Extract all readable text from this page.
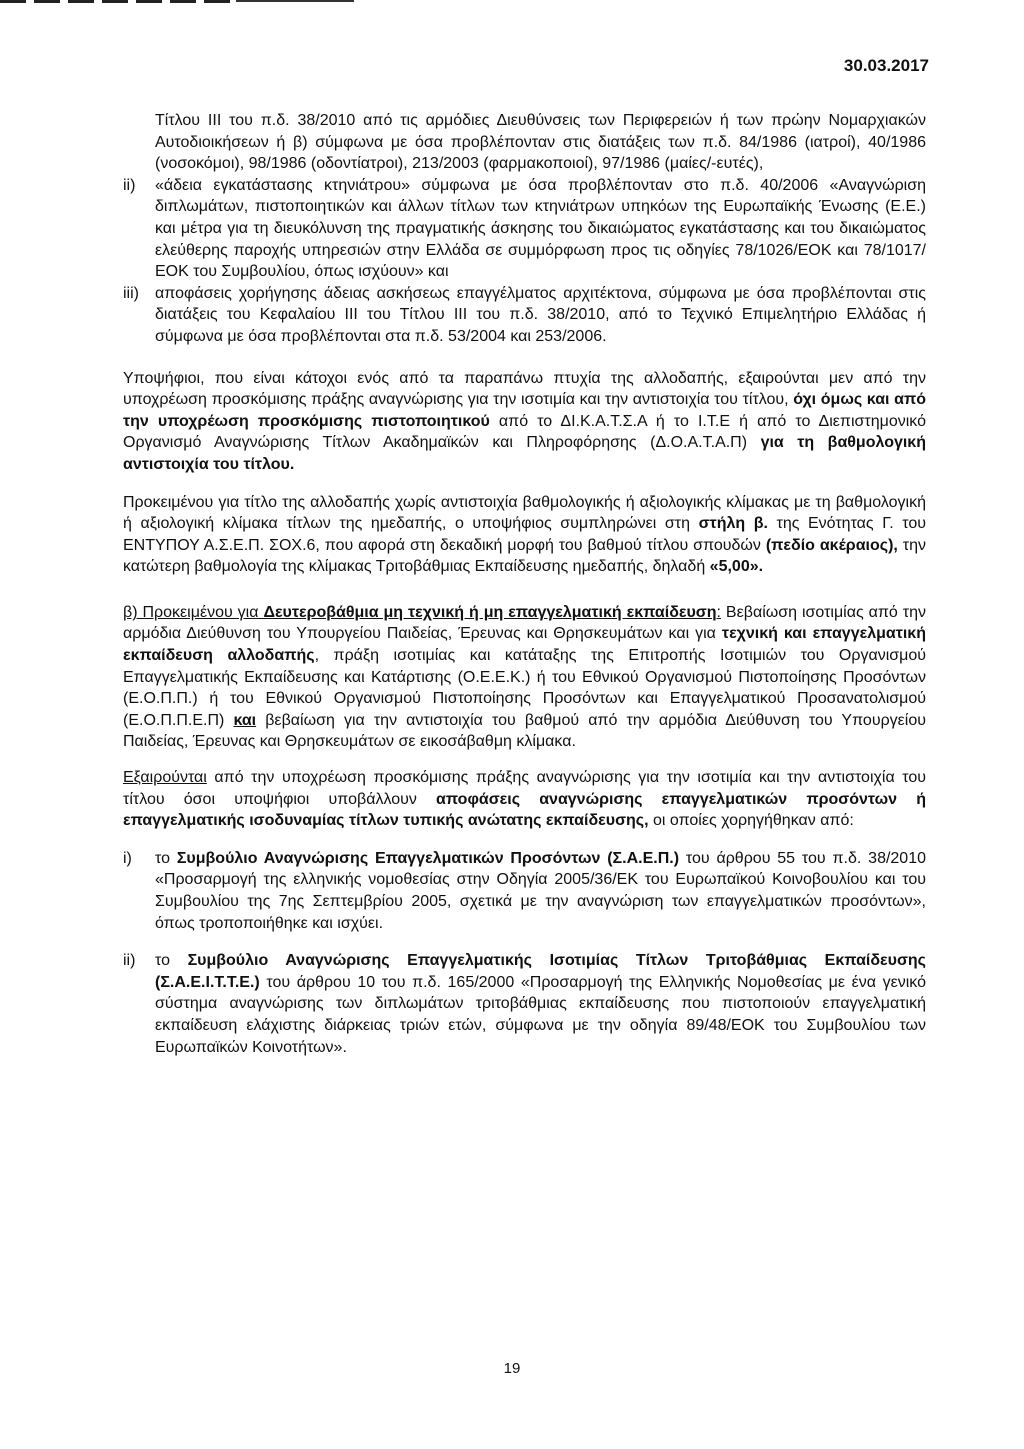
30.03.2017

Τίτλου III του π.δ. 38/2010 από τις αρμόδιες Διευθύνσεις των Περιφερειών ή των πρώην Νομαρχιακών Αυτοδιοικήσεων ή β) σύμφωνα με όσα προβλέπονταν στις διατάξεις των π.δ. 84/1986 (ιατροί), 40/1986 (νοσοκόμοι), 98/1986 (οδοντίατροι), 213/2003 (φαρμακοποιοί), 97/1986 (μαίες/-ευτές),

ii)	«άδεια εγκατάστασης κτηνιάτρου» σύμφωνα με όσα προβλέπονταν στο π.δ. 40/2006 «Αναγνώριση διπλωμάτων, πιστοποιητικών και άλλων τίτλων των κτηνιάτρων υπηκόων της Ευρωπαϊκής Ένωσης (Ε.Ε.) και μέτρα για τη διευκόλυνση της πραγματικής άσκησης του δικαιώματος εγκατάστασης και του δικαιώματος ελεύθερης παροχής υπηρεσιών στην Ελλάδα σε συμμόρφωση προς τις οδηγίες 78/1026/ΕΟΚ και 78/1017/ΕΟΚ του Συμβουλίου, όπως ισχύουν» και

iii)	αποφάσεις χορήγησης άδειας ασκήσεως επαγγέλματος αρχιτέκτονα, σύμφωνα με όσα προβλέπονται στις διατάξεις του Κεφαλαίου III του Τίτλου III του π.δ. 38/2010, από το Τεχνικό Επιμελητήριο Ελλάδας ή σύμφωνα με όσα προβλέπονται στα π.δ. 53/2004 και 253/2006.

Υποψήφιοι, που είναι κάτοχοι ενός από τα παραπάνω πτυχία της αλλοδαπής, εξαιρούνται μεν από την υποχρέωση προσκόμισης πράξης αναγνώρισης για την ισοτιμία και την αντιστοιχία του τίτλου, όχι όμως και από την υποχρέωση προσκόμισης πιστοποιητικού από το ΔΙ.Κ.Α.Τ.Σ.Α ή το Ι.Τ.Ε ή από το Διεπιστημονικό Οργανισμό Αναγνώρισης Τίτλων Ακαδημαϊκών και Πληροφόρησης (Δ.Ο.Α.Τ.Α.Π) για τη βαθμολογική αντιστοιχία του τίτλου.

Προκειμένου για τίτλο της αλλοδαπής χωρίς αντιστοιχία βαθμολογικής ή αξιολογικής κλίμακας με τη βαθμολογική ή αξιολογική κλίμακα τίτλων της ημεδαπής, ο υποψήφιος συμπληρώνει στη στήλη β. της Ενότητας Γ. του ΕΝΤΥΠΟΥ Α.Σ.Ε.Π. ΣΟΧ.6, που αφορά στη δεκαδική μορφή του βαθμού τίτλου σπουδών (πεδίο ακέραιος), την κατώτερη βαθμολογία της κλίμακας Τριτοβάθμιας Εκπαίδευσης ημεδαπής, δηλαδή «5,00».

β) Προκειμένου για Δευτεροβάθμια μη τεχνική ή μη επαγγελματική εκπαίδευση: Βεβαίωση ισοτιμίας από την αρμόδια Διεύθυνση του Υπουργείου Παιδείας, Έρευνας και Θρησκευμάτων και για τεχνική και επαγγελματική εκπαίδευση αλλοδαπής, πράξη ισοτιμίας και κατάταξης της Επιτροπής Ισοτιμιών του Οργανισμού Επαγγελματικής Εκπαίδευσης και Κατάρτισης (Ο.Ε.Ε.Κ.) ή του Εθνικού Οργανισμού Πιστοποίησης Προσόντων (Ε.Ο.Π.Π.) ή του Εθνικού Οργανισμού Πιστοποίησης Προσόντων και Επαγγελματικού Προσανατολισμού (Ε.Ο.Π.Π.Ε.Π) και βεβαίωση για την αντιστοιχία του βαθμού από την αρμόδια Διεύθυνση του Υπουργείου Παιδείας, Έρευνας και Θρησκευμάτων σε εικοσάβαθμη κλίμακα.

Εξαιρούνται από την υποχρέωση προσκόμισης πράξης αναγνώρισης για την ισοτιμία και την αντιστοιχία του τίτλου όσοι υποψήφιοι υποβάλλουν αποφάσεις αναγνώρισης επαγγελματικών προσόντων ή επαγγελματικής ισοδυναμίας τίτλων τυπικής ανώτατης εκπαίδευσης, οι οποίες χορηγήθηκαν από:

i)	το Συμβούλιο Αναγνώρισης Επαγγελματικών Προσόντων (Σ.Α.Ε.Π.) του άρθρου 55 του π.δ. 38/2010 «Προσαρμογή της ελληνικής νομοθεσίας στην Οδηγία 2005/36/ΕΚ του Ευρωπαϊκού Κοινοβουλίου και του Συμβουλίου της 7ης Σεπτεμβρίου 2005, σχετικά με την αναγνώριση των επαγγελματικών προσόντων», όπως τροποποιήθηκε και ισχύει.

ii)	το Συμβούλιο Αναγνώρισης Επαγγελματικής Ισοτιμίας Τίτλων Τριτοβάθμιας Εκπαίδευσης (Σ.Α.Ε.Ι.Τ.Τ.Ε.) του άρθρου 10 του π.δ. 165/2000 «Προσαρμογή της Ελληνικής Νομοθεσίας με ένα γενικό σύστημα αναγνώρισης των διπλωμάτων τριτοβάθμιας εκπαίδευσης που πιστοποιούν επαγγελματική εκπαίδευση ελάχιστης διάρκειας τριών ετών, σύμφωνα με την οδηγία 89/48/ΕΟΚ του Συμβουλίου των Ευρωπαϊκών Κοινοτήτων».

19
